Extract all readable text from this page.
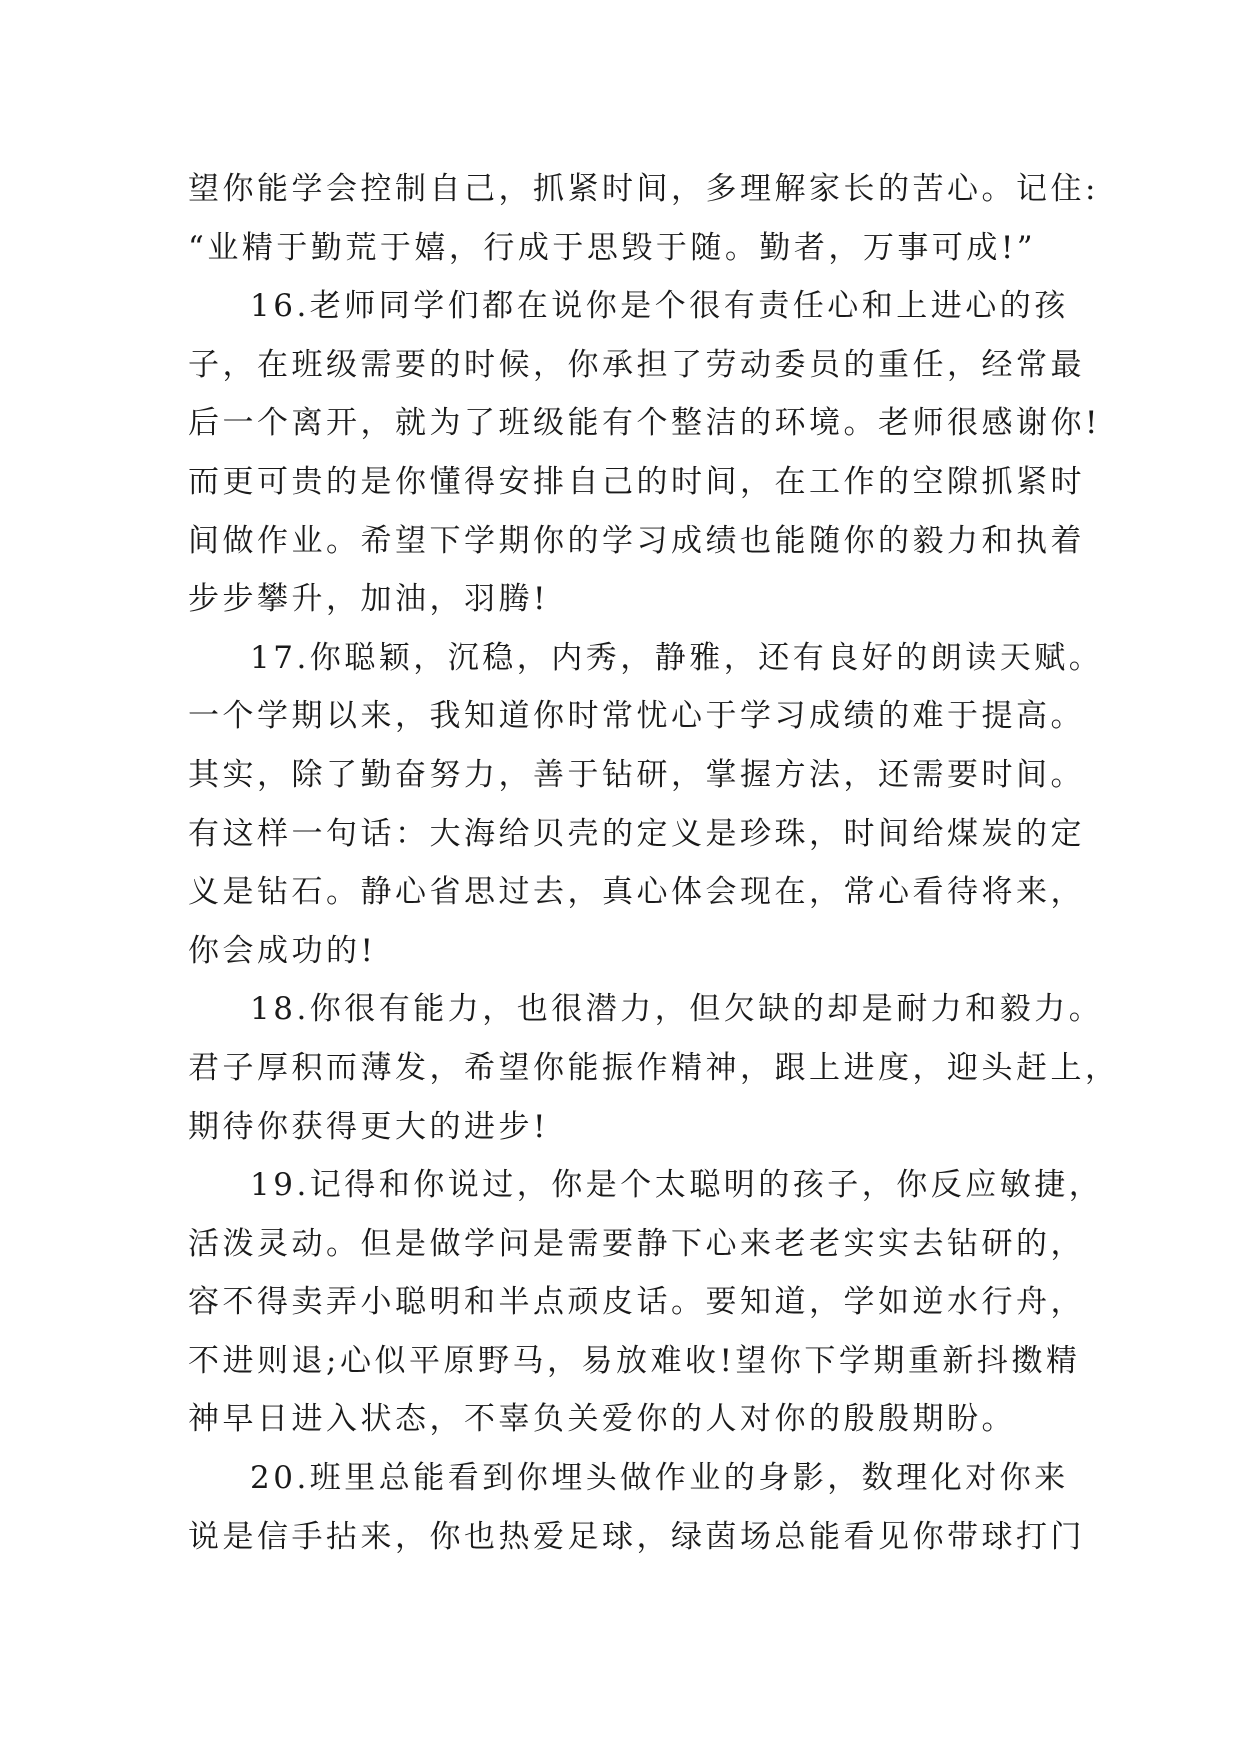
望你能学会控制自己，抓紧时间，多理解家长的苦心。记住:
“业精于勤荒于嬉，行成于思毁于随。勤者，万事可成!”
16.老师同学们都在说你是个很有责任心和上进心的孩
子，在班级需要的时候，你承担了劳动委员的重任，经常最
后一个离开，就为了班级能有个整洁的环境。老师很感谢你!
而更可贵的是你懂得安排自己的时间，在工作的空隙抓紧时
间做作业。希望下学期你的学习成绩也能随你的毅力和执着
步步攀升，加油，羽腾!
17.你聪颖，沉稳，内秀，静雅，还有良好的朗读天赋。
一个学期以来，我知道你时常忧心于学习成绩的难于提高。
其实，除了勤奋努力，善于钻研，掌握方法，还需要时间。
有这样一句话：大海给贝壳的定义是珍珠，时间给煤炭的定
义是钻石。静心省思过去，真心体会现在，常心看待将来，
你会成功的!
18.你很有能力，也很潜力，但欠缺的却是耐力和毅力。
君子厚积而薄发，希望你能振作精神，跟上进度，迎头赶上，
期待你获得更大的进步!
19.记得和你说过，你是个太聪明的孩子，你反应敏捷，
活泼灵动。但是做学问是需要静下心来老老实实去钻研的，
容不得卖弄小聪明和半点顽皮话。要知道，学如逆水行舟，
不进则退;心似平原野马，易放难收!望你下学期重新抖擞精
神早日进入状态，不辜负关爱你的人对你的殷殷期盼。
20.班里总能看到你埋头做作业的身影，数理化对你来
说是信手拈来，你也热爱足球，绿茵场总能看见你带球打门
